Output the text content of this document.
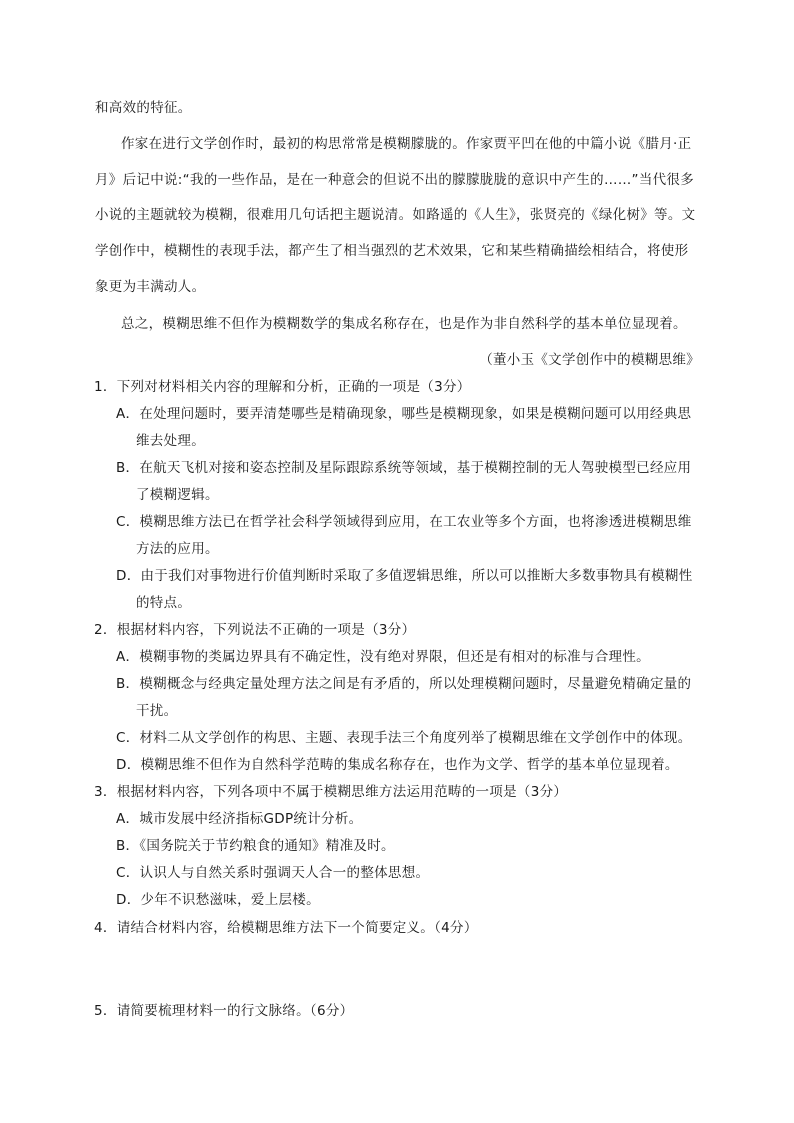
和高效的特征。
作家在进行文学创作时，最初的构思常常是模糊朦胧的。作家贾平凹在他的中篇小说《腊月·正
月》后记中说:“我的一些作品，是在一种意会的但说不出的朦朦胧胧的意识中产生的……”当代很多
小说的主题就较为模糊，很难用几句话把主题说清。如路遥的《人生》，张贤亮的《绿化树》等。文
学创作中，模糊性的表现手法，都产生了相当强烈的艺术效果，它和某些精确描绘相结合，将使形
象更为丰满动人。
总之，模糊思维不但作为模糊数学的集成名称存在，也是作为非自然科学的基本单位显现着。
（董小玉《文学创作中的模糊思维》
1．下列对材料相关内容的理解和分析，正确的一项是（3分）
A．在处理问题时，要弄清楚哪些是精确现象，哪些是模糊现象，如果是模糊问题可以用经典思
维去处理。
B．在航天飞机对接和姿态控制及星际跟踪系统等领域，基于模糊控制的无人驾驶模型已经应用
了模糊逻辑。
C．模糊思维方法已在哲学社会科学领域得到应用，在工农业等多个方面，也将渗透进模糊思维
方法的应用。
D．由于我们对事物进行价值判断时采取了多值逻辑思维，所以可以推断大多数事物具有模糊性
的特点。
2．根据材料内容，下列说法不正确的一项是（3分）
A．模糊事物的类属边界具有不确定性，没有绝对界限，但还是有相对的标准与合理性。
B．模糊概念与经典定量处理方法之间是有矛盾的，所以处理模糊问题时，尽量避免精确定量的
干扰。
C．材料二从文学创作的构思、主题、表现手法三个角度列举了模糊思维在文学创作中的体现。
D．模糊思维不但作为自然科学范畴的集成名称存在，也作为文学、哲学的基本单位显现着。
3．根据材料内容，下列各项中不属于模糊思维方法运用范畴的一项是（3分）
A．城市发展中经济指标GDP统计分析。
B．《国务院关于节约粮食的通知》精准及时。
C．认识人与自然关系时强调天人合一的整体思想。
D．少年不识愁滋味，爱上层楼。
4．请结合材料内容，给模糊思维方法下一个简要定义。（4分）
5．请简要梳理材料一的行文脉络。（6分）
